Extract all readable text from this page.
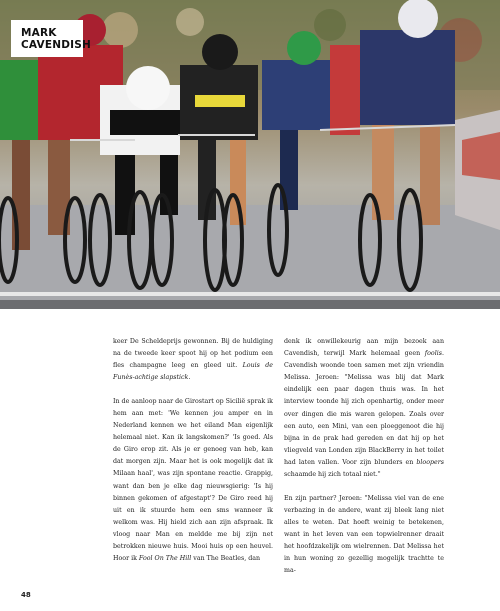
MARK
CAVENDISH

keer De Scheldeprijs gewonnen. Bij de huldiging na de tweede keer spoot hij op het podium een fles champagne leeg en gleed uit. Louis de Funès-achtige slapstick.

In de aanloop naar de Girostart op Sicilië sprak ik hem aan met: 'We kennen jou amper en in Nederland kennen we het eiland Man eigenlijk helemaal niet. Kan ik langskomen?' 'Is goed. Als de Giro erop zit. Als je er genoeg van heb, kan dat morgen zijn. Maar het is ook mogelijk dat ik Milaan haal', was zijn spontane reactie. Grappig, want dan ben je elke dag nieuwsgierig: 'Is hij binnen gekomen of afgestapt'? De Giro reed hij uit en ik stuurde hem een sms wanneer ik welkom was. Hij hield zich aan zijn afspraak. Ik vloog naar Man en meldde me bij zijn net betrokken nieuwe huis. Mooi huis op een heuvel. Hoor ik Fool On The Hill van The Beatles, dan

denk ik onwillekeurig aan mijn bezoek aan Cavendish, terwijl Mark helemaal geen foolis. Cavendish woonde toen samen met zijn vriendin Melissa. Jeroen: "Melissa was blij dat Mark eindelijk een paar dagen thuis was. In het interview toonde hij zich openhartig, onder meer over dingen die mis waren gelopen. Zoals over een auto, een Mini, van een ploeggenoot die hij bijna in de prak had gereden en dat hij op het vliegveld van Londen zijn BlackBerry in het toilet had laten vallen. Voor zijn blunders en bloopers schaamde hij zich totaal niet."

En zijn partner? Jeroen: "Melissa viel van de ene verbazing in de andere, want zij bleek lang niet alles te weten. Dat hoeft weinig te betekenen, want in het leven van een topwielrenner draait het hoofdzakelijk om wielrennen. Dat Melissa het in hun woning zo gezellig mogelijk trachtte te ma-

48
